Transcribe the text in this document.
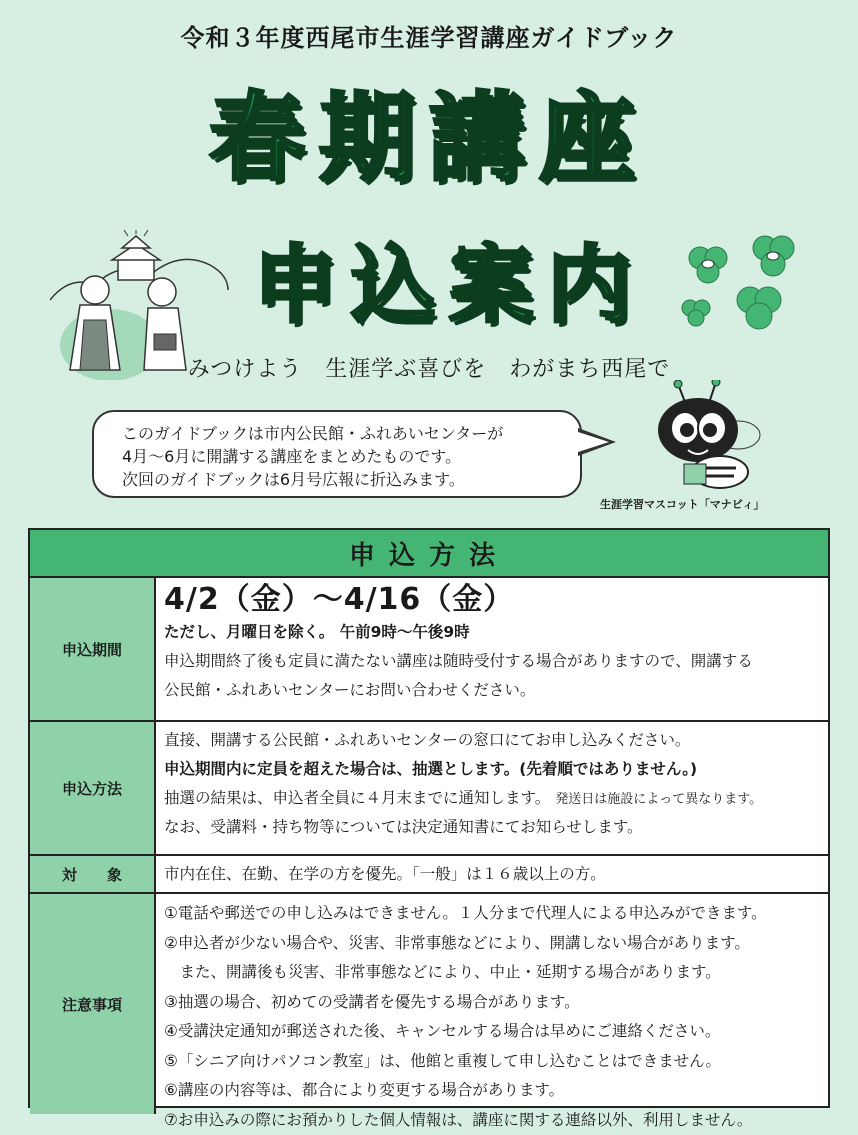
令和３年度西尾市生涯学習講座ガイドブック
春期講座
申込案内
みつけよう　生涯学ぶ喜びを　わがまち西尾で

このガイドブックは市内公民館・ふれあいセンターが

4月～6月に開講する講座をまとめたものです。

次回のガイドブックは6月号広報に折込みます。

生涯学習マスコット「マナビィ」
申込方法
申込期間
4/2（金）～4/16（金）
ただし、月曜日を除く。 午前9時～午後9時
申込期間終了後も定員に満たない講座は随時受付する場合がありますので、開講する
公民館・ふれあいセンターにお問い合わせください。
申込方法
直接、開講する公民館・ふれあいセンターの窓口にてお申し込みください。
申込期間内に定員を超えた場合は、抽選とします。(先着順ではありません。)
抽選の結果は、申込者全員に４月末までに通知します。 発送日は施設によって異なります。
なお、受講料・持ち物等については決定通知書にてお知らせします。
対　　象	市内在住、在勤、在学の方を優先。「一般」は１６歳以上の方。
注意事項
①電話や郵送での申し込みはできません。１人分まで代理人による申込みができます。
②申込者が少ない場合や、災害、非常事態などにより、開講しない場合があります。
　また、開講後も災害、非常事態などにより、中止・延期する場合があります。
③抽選の場合、初めての受講者を優先する場合があります。
④受講決定通知が郵送された後、キャンセルする場合は早めにご連絡ください。
⑤「シニア向けパソコン教室」は、他館と重複して申し込むことはできません。
⑥講座の内容等は、都合により変更する場合があります。
⑦お申込みの際にお預かりした個人情報は、講座に関する連絡以外、利用しません。
